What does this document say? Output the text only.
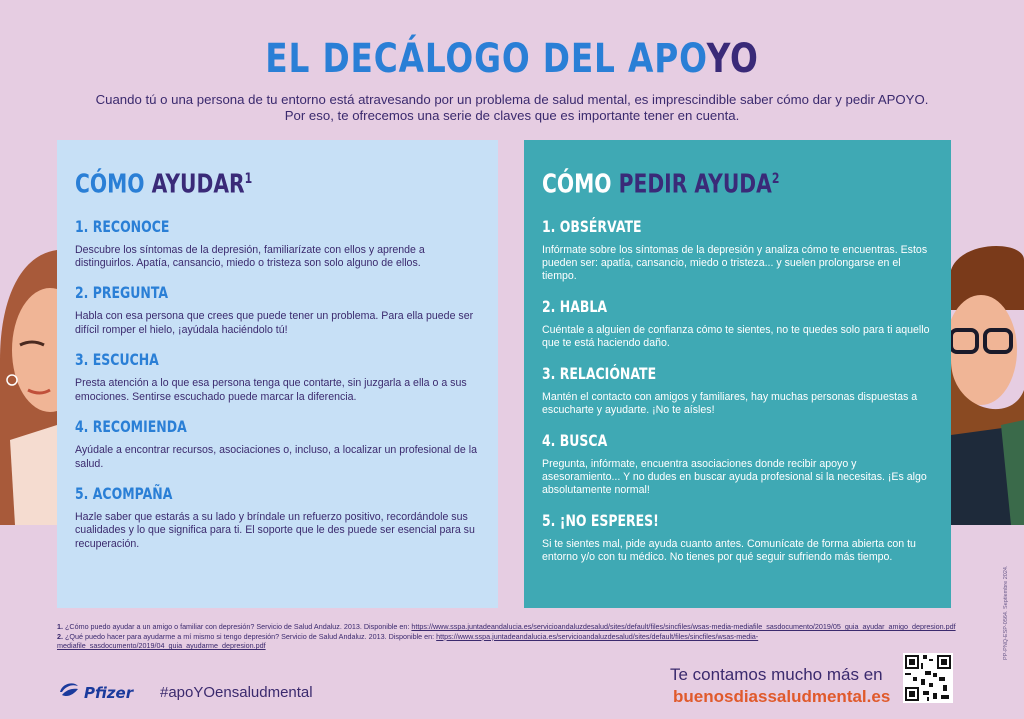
EL DECÁLOGO DEL APOYO
Cuando tú o una persona de tu entorno está atravesando por un problema de salud mental, es imprescindible saber cómo dar y pedir APOYO.
Por eso, te ofrecemos una serie de claves que es importante tener en cuenta.
CÓMO AYUDAR$^1$
1. RECONOCE

Descubre los síntomas de la depresión, familiarízate con ellos y aprende a distinguirlos. Apatía, cansancio, miedo o tristeza son solo alguno de ellos.

2. PREGUNTA

Habla con esa persona que crees que puede tener un problema. Para ella puede ser difícil romper el hielo, ¡ayúdala haciéndolo tú!

3. ESCUCHA

Presta atención a lo que esa persona tenga que contarte, sin juzgarla a ella o a sus emociones. Sentirse escuchado puede marcar la diferencia.

4. RECOMIENDA

Ayúdale a encontrar recursos, asociaciones o, incluso, a localizar un profesional de la salud.

5. ACOMPAÑA

Hazle saber que estarás a su lado y bríndale un refuerzo positivo, recordándole sus cualidades y lo que significa para ti. El soporte que le des puede ser esencial para su recuperación.

CÓMO PEDIR AYUDA$^2$
1. OBSÉRVATE

Infórmate sobre los síntomas de la depresión y analiza cómo te encuentras. Estos pueden ser: apatía, cansancio, miedo o tristeza... y suelen prolongarse en el tiempo.

2. HABLA

Cuéntale a alguien de confianza cómo te sientes, no te quedes solo para ti aquello que te está haciendo daño.

3. RELACIÓNATE

Mantén el contacto con amigos y familiares, hay muchas personas dispuestas a escucharte y ayudarte. ¡No te aísles!

4. BUSCA

Pregunta, infórmate, encuentra asociaciones donde recibir apoyo y asesoramiento... Y no dudes en buscar ayuda profesional si la necesitas. ¡Es algo absolutamente normal!

5. ¡NO ESPERES!

Si te sientes mal, pide ayuda cuanto antes. Comunícate de forma abierta con tu entorno y/o con tu médico. No tienes por qué seguir sufriendo más tiempo.

1. ¿Cómo puedo ayudar a un amigo o familiar con depresión? Servicio de Salud Andaluz. 2013. Disponible en: https://www.sspa.juntadeandalucia.es/servicioandaluzdesalud/sites/default/files/sincfiles/wsas-media-mediafile_sasdocumento/2019/05_guia_ayudar_amigo_depresion.pdf 2. ¿Qué puedo hacer para ayudarme a mí mismo si tengo depresión? Servicio de Salud Andaluz. 2013. Disponible en: https://www.sspa.juntadeandalucia.es/servicioandaluzdesalud/sites/default/files/sincfiles/wsas-media-mediafile_sasdocumento/2019/04_guia_ayudarme_depresion.pdf
Pfizer #apoYOensaludmental
Te contamos mucho más en
buenosdiassaludmental.es
PP-PNQ-ESP-0564. Septiembre 2024.
